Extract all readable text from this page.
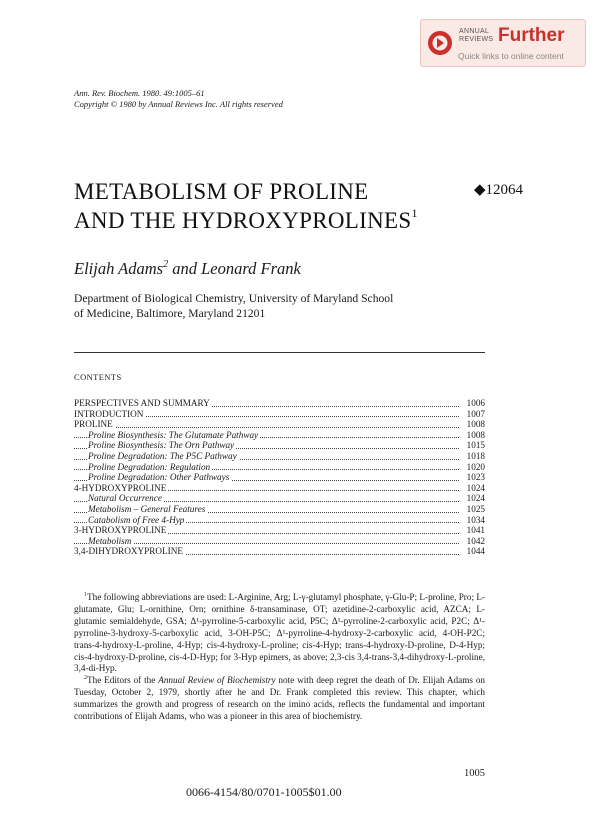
ANNUAL
REVIEWS Further
Quick links to online content
Ann. Rev. Biochem. 1980. 49:1005–61
Copyright © 1980 by Annual Reviews Inc. All rights reserved
METABOLISM OF PROLINE
AND THE HYDROXYPROLINES$^1$
◆12064
Elijah Adams$^2$ and Leonard Frank
Department of Biological Chemistry, University of Maryland School
of Medicine, Baltimore, Maryland 21201
CONTENTS
PERSPECTIVES AND SUMMARY	1006
INTRODUCTION	1007
PROLINE	1008
Proline Biosynthesis: The Glutamate Pathway	1008
Proline Biosynthesis: The Orn Pathway	1015
Proline Degradation: The P5C Pathway	1018
Proline Degradation: Regulation	1020
Proline Degradation: Other Pathways	1023
4-HYDROXYPROLINE	1024
Natural Occurrence	1024
Metabolism – General Features	1025
Catabolism of Free 4-Hyp	1034
3-HYDROXYPROLINE	1041
Metabolism	1042
3,4-DIHYDROXYPROLINE	1044

$^1$The following abbreviations are used: L-Arginine, Arg; L-γ-glutamyl phosphate, γ-Glu-P; L-proline, Pro; L-glutamate, Glu; L-ornithine, Orn; ornithine δ-transaminase, OT; azetidine-2-carboxylic acid, AZCA; L-glutamic semialdehyde, GSA; Δ¹-pyrroline-5-carboxylic acid, P5C; Δ¹-pyrroline-2-carboxylic acid, P2C; Δ¹-pyrroline-3-hydroxy-5-carboxylic acid, 3-OH-P5C; Δ¹-pyrroline-4-hydroxy-2-carboxylic acid, 4-OH-P2C; trans-4-hydroxy-L-proline, 4-Hyp; cis-4-hydroxy-L-proline; cis-4-Hyp; trans-4-hydroxy-D-proline, D-4-Hyp; cis-4-hydroxy-D-proline, cis-4-D-Hyp; for 3-Hyp epimers, as above; 2,3-cis 3,4-trans-3,4-dihydroxy-L-proline, 3,4-di-Hyp.

$^2$The Editors of the Annual Review of Biochemistry note with deep regret the death of Dr. Elijah Adams on Tuesday, October 2, 1979, shortly after he and Dr. Frank completed this review. This chapter, which summarizes the growth and progress of research on the imino acids, reflects the fundamental and important contributions of Elijah Adams, who was a pioneer in this area of biochemistry.

1005
0066-4154/80/0701-1005$01.00
